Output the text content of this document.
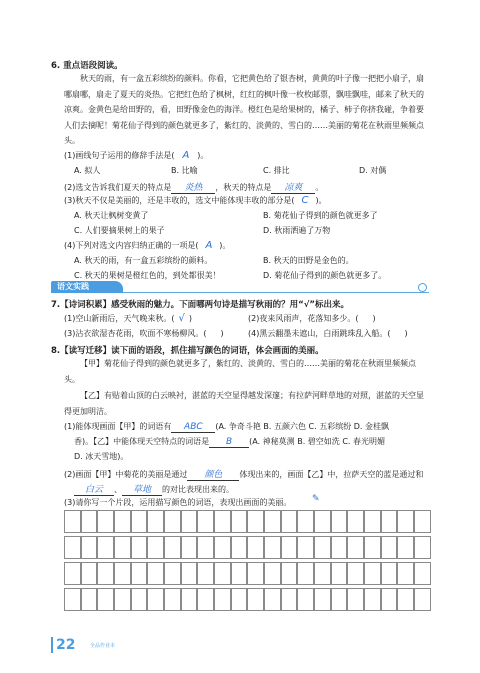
6. 重点语段阅读。
秋天的雨，有一盒五彩缤纷的颜料。你看，它把黄色给了银杏树，黄黄的叶子像一把把小扇子，扇哪扇哪，扇走了夏天的炎热。它把红色给了枫树，红红的枫叶像一枚枚邮票，飘哇飘哇，邮来了秋天的凉爽。金黄色是给田野的，看，田野像金色的海洋。橙红色是给果树的，橘子、柿子你挤我碰，争着要人们去摘呢！菊花仙子得到的颜色就更多了，紫红的、淡黄的、雪白的……美丽的菊花在秋雨里频频点头。
(1)画线句子运用的修辞手法是( A )。
A. 拟人	B. 比喻	C. 排比	D. 对偶
(2)选文告诉我们夏天的特点是 炎热 ，秋天的特点是 凉爽 。
(3)秋天不仅是美丽的，还是丰收的，选文中能体现丰收的部分是( C )。
A. 秋天让枫树变黄了	B. 菊花仙子得到的颜色就更多了
C. 人们要摘果树上的果子	D. 秋雨洒遍了万物
(4)下列对选文内容归纳正确的一项是( A )。
A. 秋天的雨，有一盒五彩缤纷的颜料。	B. 秋天的田野是金色的。
C. 秋天的果树是橙红色的，到处都很美！	D. 菊花仙子得到的颜色就更多了。
语文实践
7.【诗词积累】感受秋雨的魅力。下面哪两句诗是描写秋雨的？用“√”标出来。
(1)空山新雨后，天气晚来秋。( √ )	(2)夜来风雨声，花落知多少。( )
(3)沾衣欲湿杏花雨，吹面不寒杨柳风。( )	(4)黑云翻墨未遮山，白雨跳珠乱入船。( )
8.【读写迁移】读下面的语段，抓住描写颜色的词语，体会画面的美丽。
【甲】菊花仙子得到的颜色就更多了，紫红的、淡黄的、雪白的……美丽的菊花在秋雨里频频点头。
【乙】有贴着山顶的白云映衬，湛蓝的天空显得越发深邃；有拉萨河畔草地的对照，湛蓝的天空显得更加明洁。
(1)能体现画面【甲】的词语有 ABC (A. 争奇斗艳 B. 五颜六色 C. 五彩缤纷 D. 金桂飘
香)。【乙】中能体现天空特点的词语是 B (A. 神秘莫测 B. 碧空如洗 C. 春光明媚
D. 冰天雪地)。
(2)画面【甲】中菊花的美丽是通过 颜色 体现出来的，画面【乙】中，拉萨天空的蓝是通过和
白云 、 草地 的对比表现出来的。
(3)请你写一个片段，运用描写颜色的词语，表现出画面的美丽。 ✎
22	全品作业本
